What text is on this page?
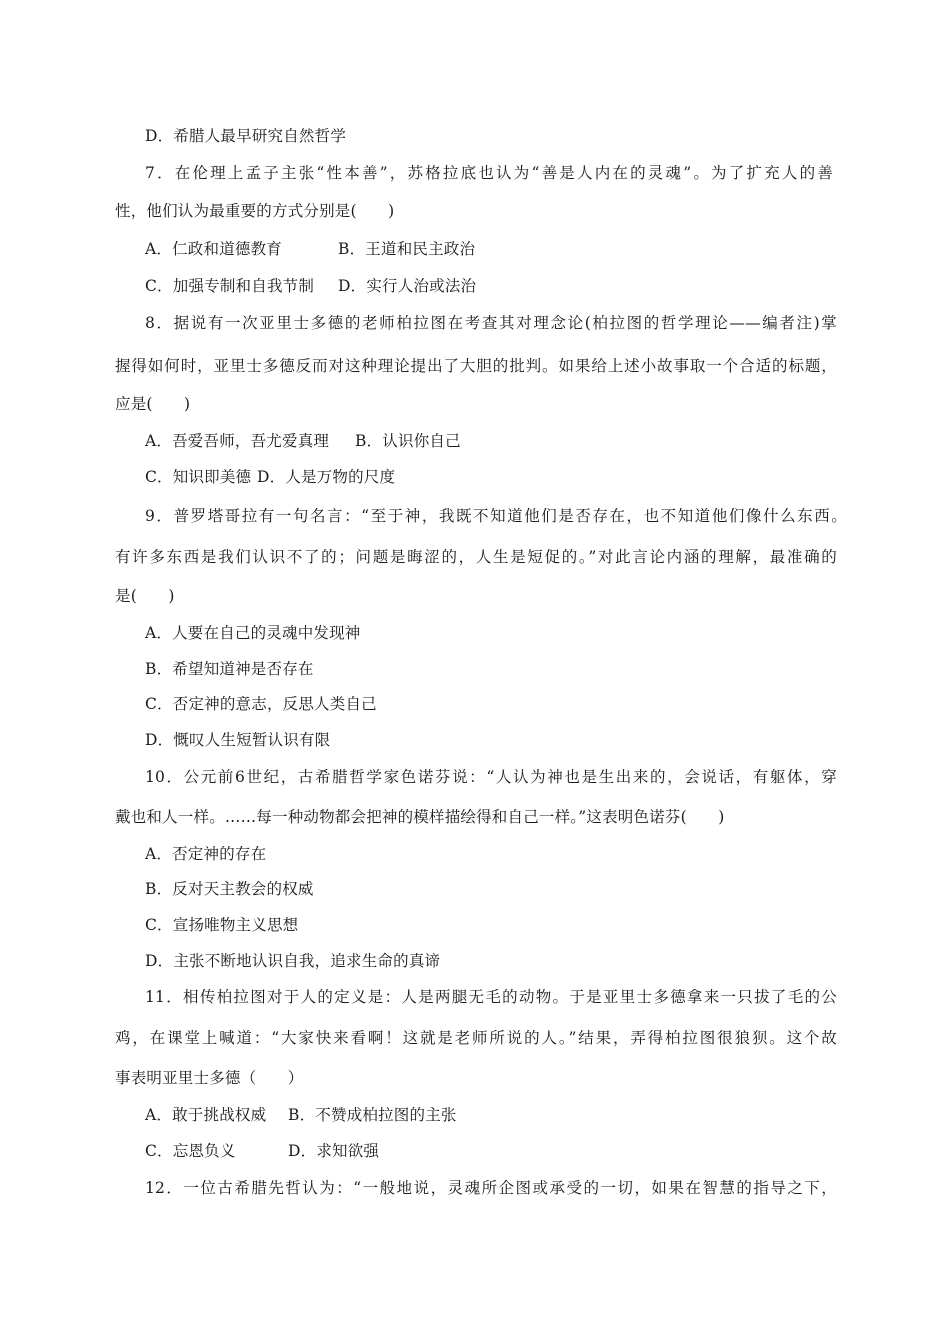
D．希腊人最早研究自然哲学
7．在伦理上孟子主张“性本善”，苏格拉底也认为“善是人内在的灵魂”。为了扩充人的善
性，他们认为最重要的方式分别是(　　)
A．仁政和道德教育	B．王道和民主政治
C．加强专制和自我节制 D．实行人治或法治
8．据说有一次亚里士多德的老师柏拉图在考查其对理念论(柏拉图的哲学理论——编者注)掌
握得如何时，亚里士多德反而对这种理论提出了大胆的批判。如果给上述小故事取一个合适的标题，
应是(　　)
A．吾爱吾师，吾尤爱真理 B．认识你自己
C．知识即美德 D．人是万物的尺度
9．普罗塔哥拉有一句名言：“至于神，我既不知道他们是否存在，也不知道他们像什么东西。
有许多东西是我们认识不了的；问题是晦涩的，人生是短促的。”对此言论内涵的理解，最准确的
是(　　)
A．人要在自己的灵魂中发现神
B．希望知道神是否存在
C．否定神的意志，反思人类自己
D．慨叹人生短暂认识有限
10．公元前6世纪，古希腊哲学家色诺芬说：“人认为神也是生出来的，会说话，有躯体，穿
戴也和人一样。……每一种动物都会把神的模样描绘得和自己一样。”这表明色诺芬(　　)
A．否定神的存在
B．反对天主教会的权威
C．宣扬唯物主义思想
D．主张不断地认识自我，追求生命的真谛
11．相传柏拉图对于人的定义是：人是两腿无毛的动物。于是亚里士多德拿来一只拔了毛的公
鸡，在课堂上喊道：“大家快来看啊！这就是老师所说的人。”结果，弄得柏拉图很狼狈。这个故
事表明亚里士多德（　　）
A．敢于挑战权威 B．不赞成柏拉图的主张
C．忘恩负义	D．求知欲强
12．一位古希腊先哲认为：“一般地说，灵魂所企图或承受的一切，如果在智慧的指导之下，
